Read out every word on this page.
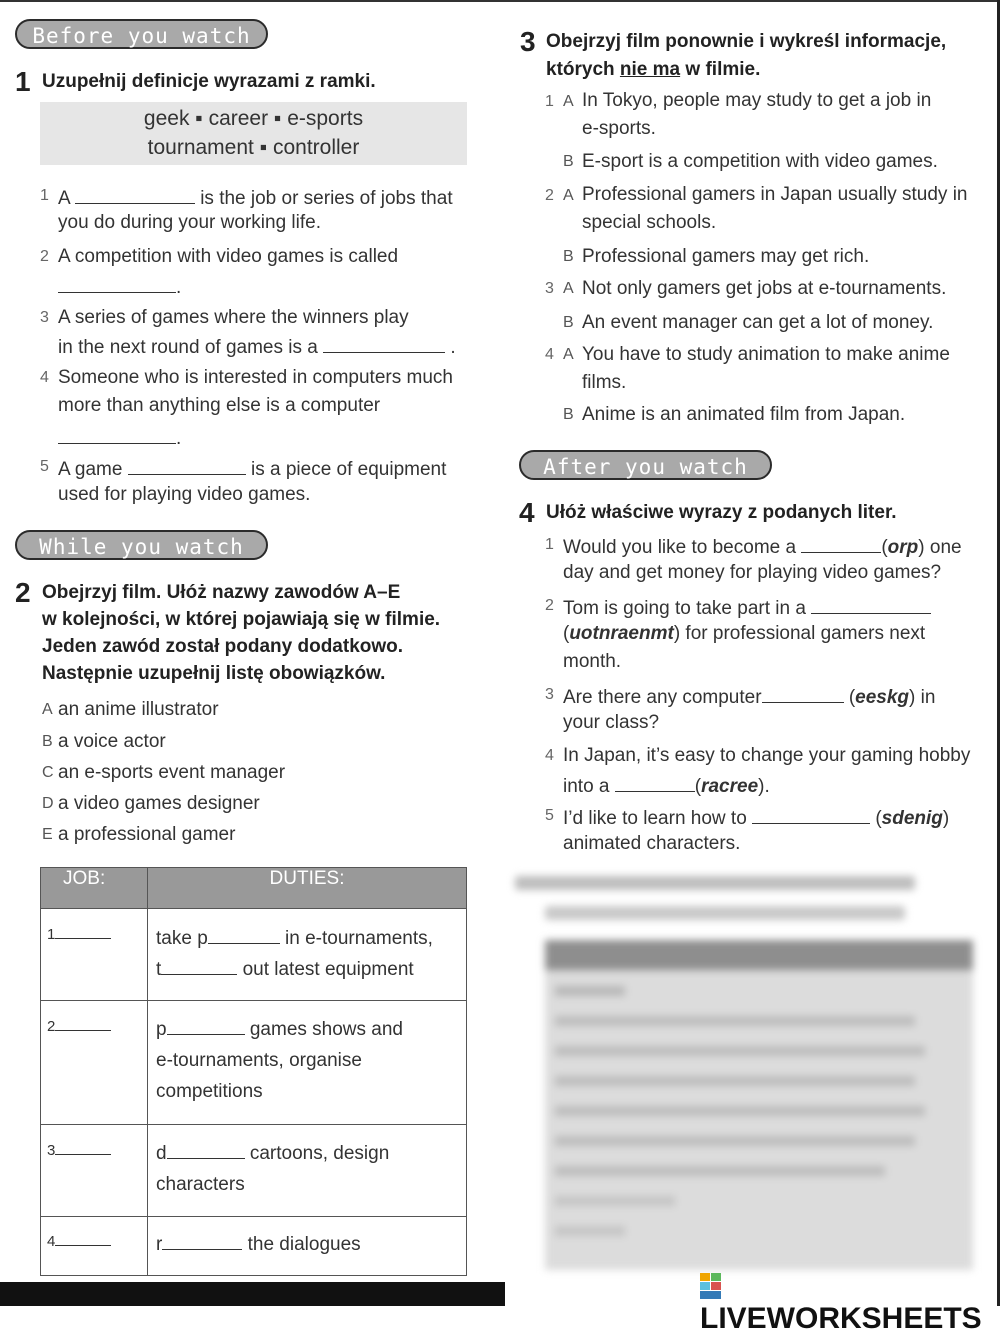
Before you watch
1 Uzupełnij definicje wyrazami z ramki.
geek ▪ career ▪ e-sports
tournament ▪ controller
1 A	is the job or series of jobs that
you do during your working life.
2 A competition with video games is called
.
3 A series of games where the winners play
in the next round of games is a	.
4 Someone who is interested in computers much
more than anything else is a computer
.
5 A game	is a piece of equipment
used for playing video games.
While you watch
2 Obejrzyj film. Ułóż nazwy zawodów A–E
w kolejności, w której pojawiają się w filmie.
Jeden zawód został podany dodatkowo.
Następnie uzupełnij listę obowiązków.
A an anime illustrator
B a voice actor
C an e-sports event manager
D a video games designer
E a professional gamer
JOB:	DUTIES:
1	take p in e-tournaments,
t out latest equipment

2	p games shows and
e-tournaments, organise
competitions

3	d cartoons, design
characters

4	r the dialogues
3 Obejrzyj film ponownie i wykreśl informacje,
których nie ma w filmie.
1 A In Tokyo, people may study to get a job in
e-sports.
B E-sport is a competition with video games.
2 A Professional gamers in Japan usually study in
special schools.
B Professional gamers may get rich.
3 A Not only gamers get jobs at e-tournaments.
B An event manager can get a lot of money.
4 A You have to study animation to make anime
films.
B Anime is an animated film from Japan.
After you watch
4 Ułóż właściwe wyrazy z podanych liter.
1 Would you like to become a	(orp) one
day and get money for playing video games?
2 Tom is going to take part in a
(uotnraenmt) for professional gamers next
month.
3 Are there any computer	(eeskg) in
your class?
4 In Japan, it’s easy to change your gaming hobby
into a	(racree).
5 I’d like to learn how to	(sdenig)
animated characters.
LIVEWORKSHEETS
